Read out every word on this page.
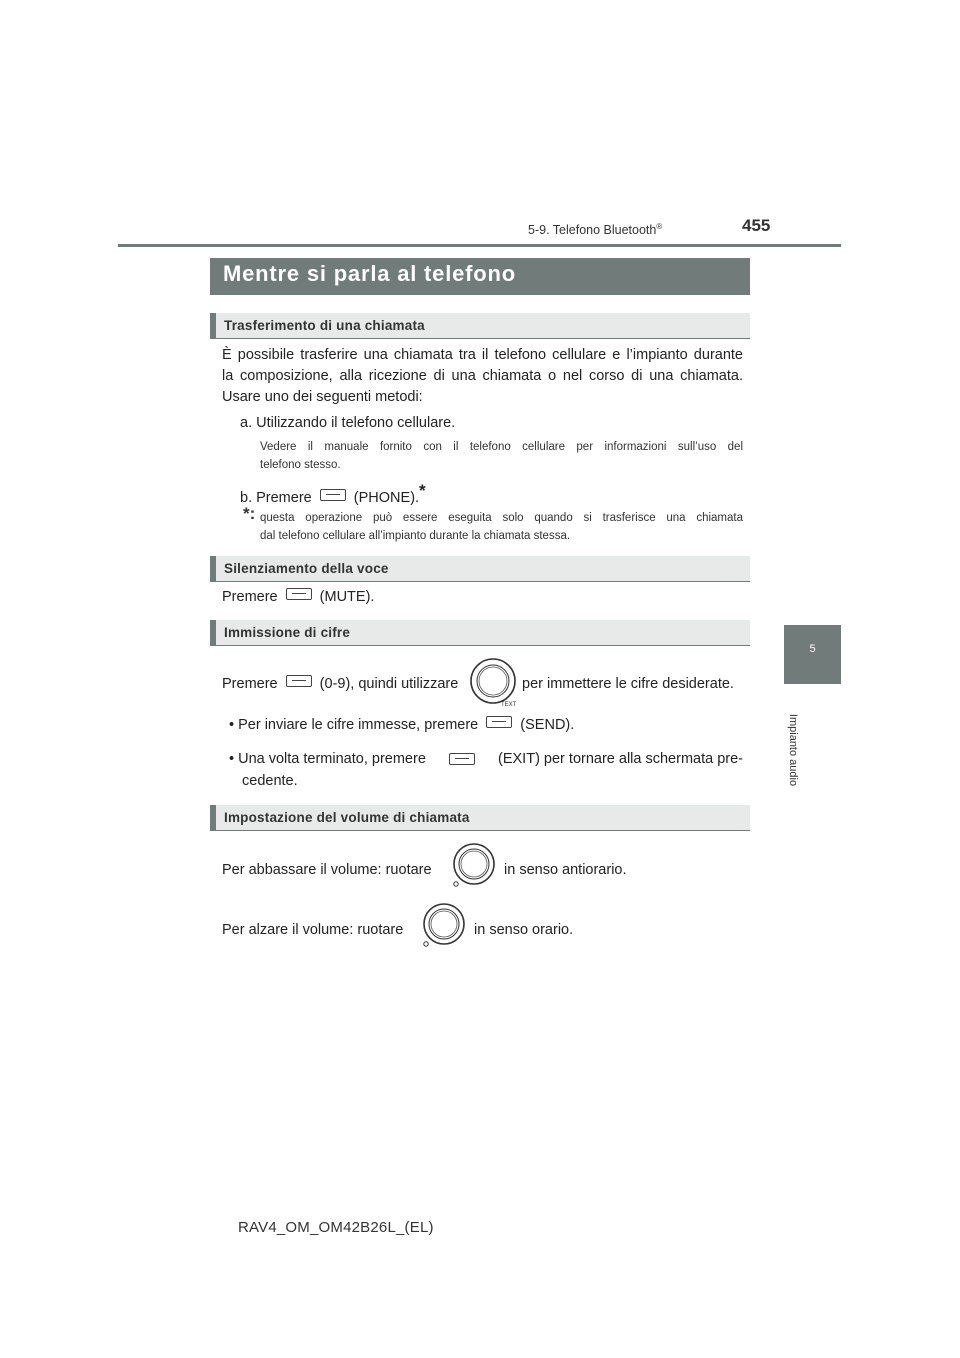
5-9. Telefono Bluetooth®	455
5
Impianto audio
Mentre si parla al telefono
Trasferimento di una chiamata
È possibile trasferire una chiamata tra il telefono cellulare e l’impianto durante
la composizione, alla ricezione di una chiamata o nel corso di una chiamata.
Usare uno dei seguenti metodi:
a. Utilizzando il telefono cellulare.
Vedere il manuale fornito con il telefono cellulare per informazioni sull’uso del
telefono stesso.
b. Premere	(PHONE).*
*: questa operazione può essere eseguita solo quando si trasferisce una chiamata
dal telefono cellulare all’impianto durante la chiamata stessa.
Silenziamento della voce
Premere	(MUTE).
Immissione di cifre
Premere	(0-9), quindi utilizzare
TEXT
per immettere le cifre desiderate.
• Per inviare le cifre immesse, premere	(SEND).
• Una volta terminato, premere	(EXIT) per tornare alla schermata pre-
cedente.
Impostazione del volume di chiamata
Per abbassare il volume: ruotare	in senso antiorario.
Per alzare il volume: ruotare	in senso orario.
RAV4_OM_OM42B26L_(EL)
